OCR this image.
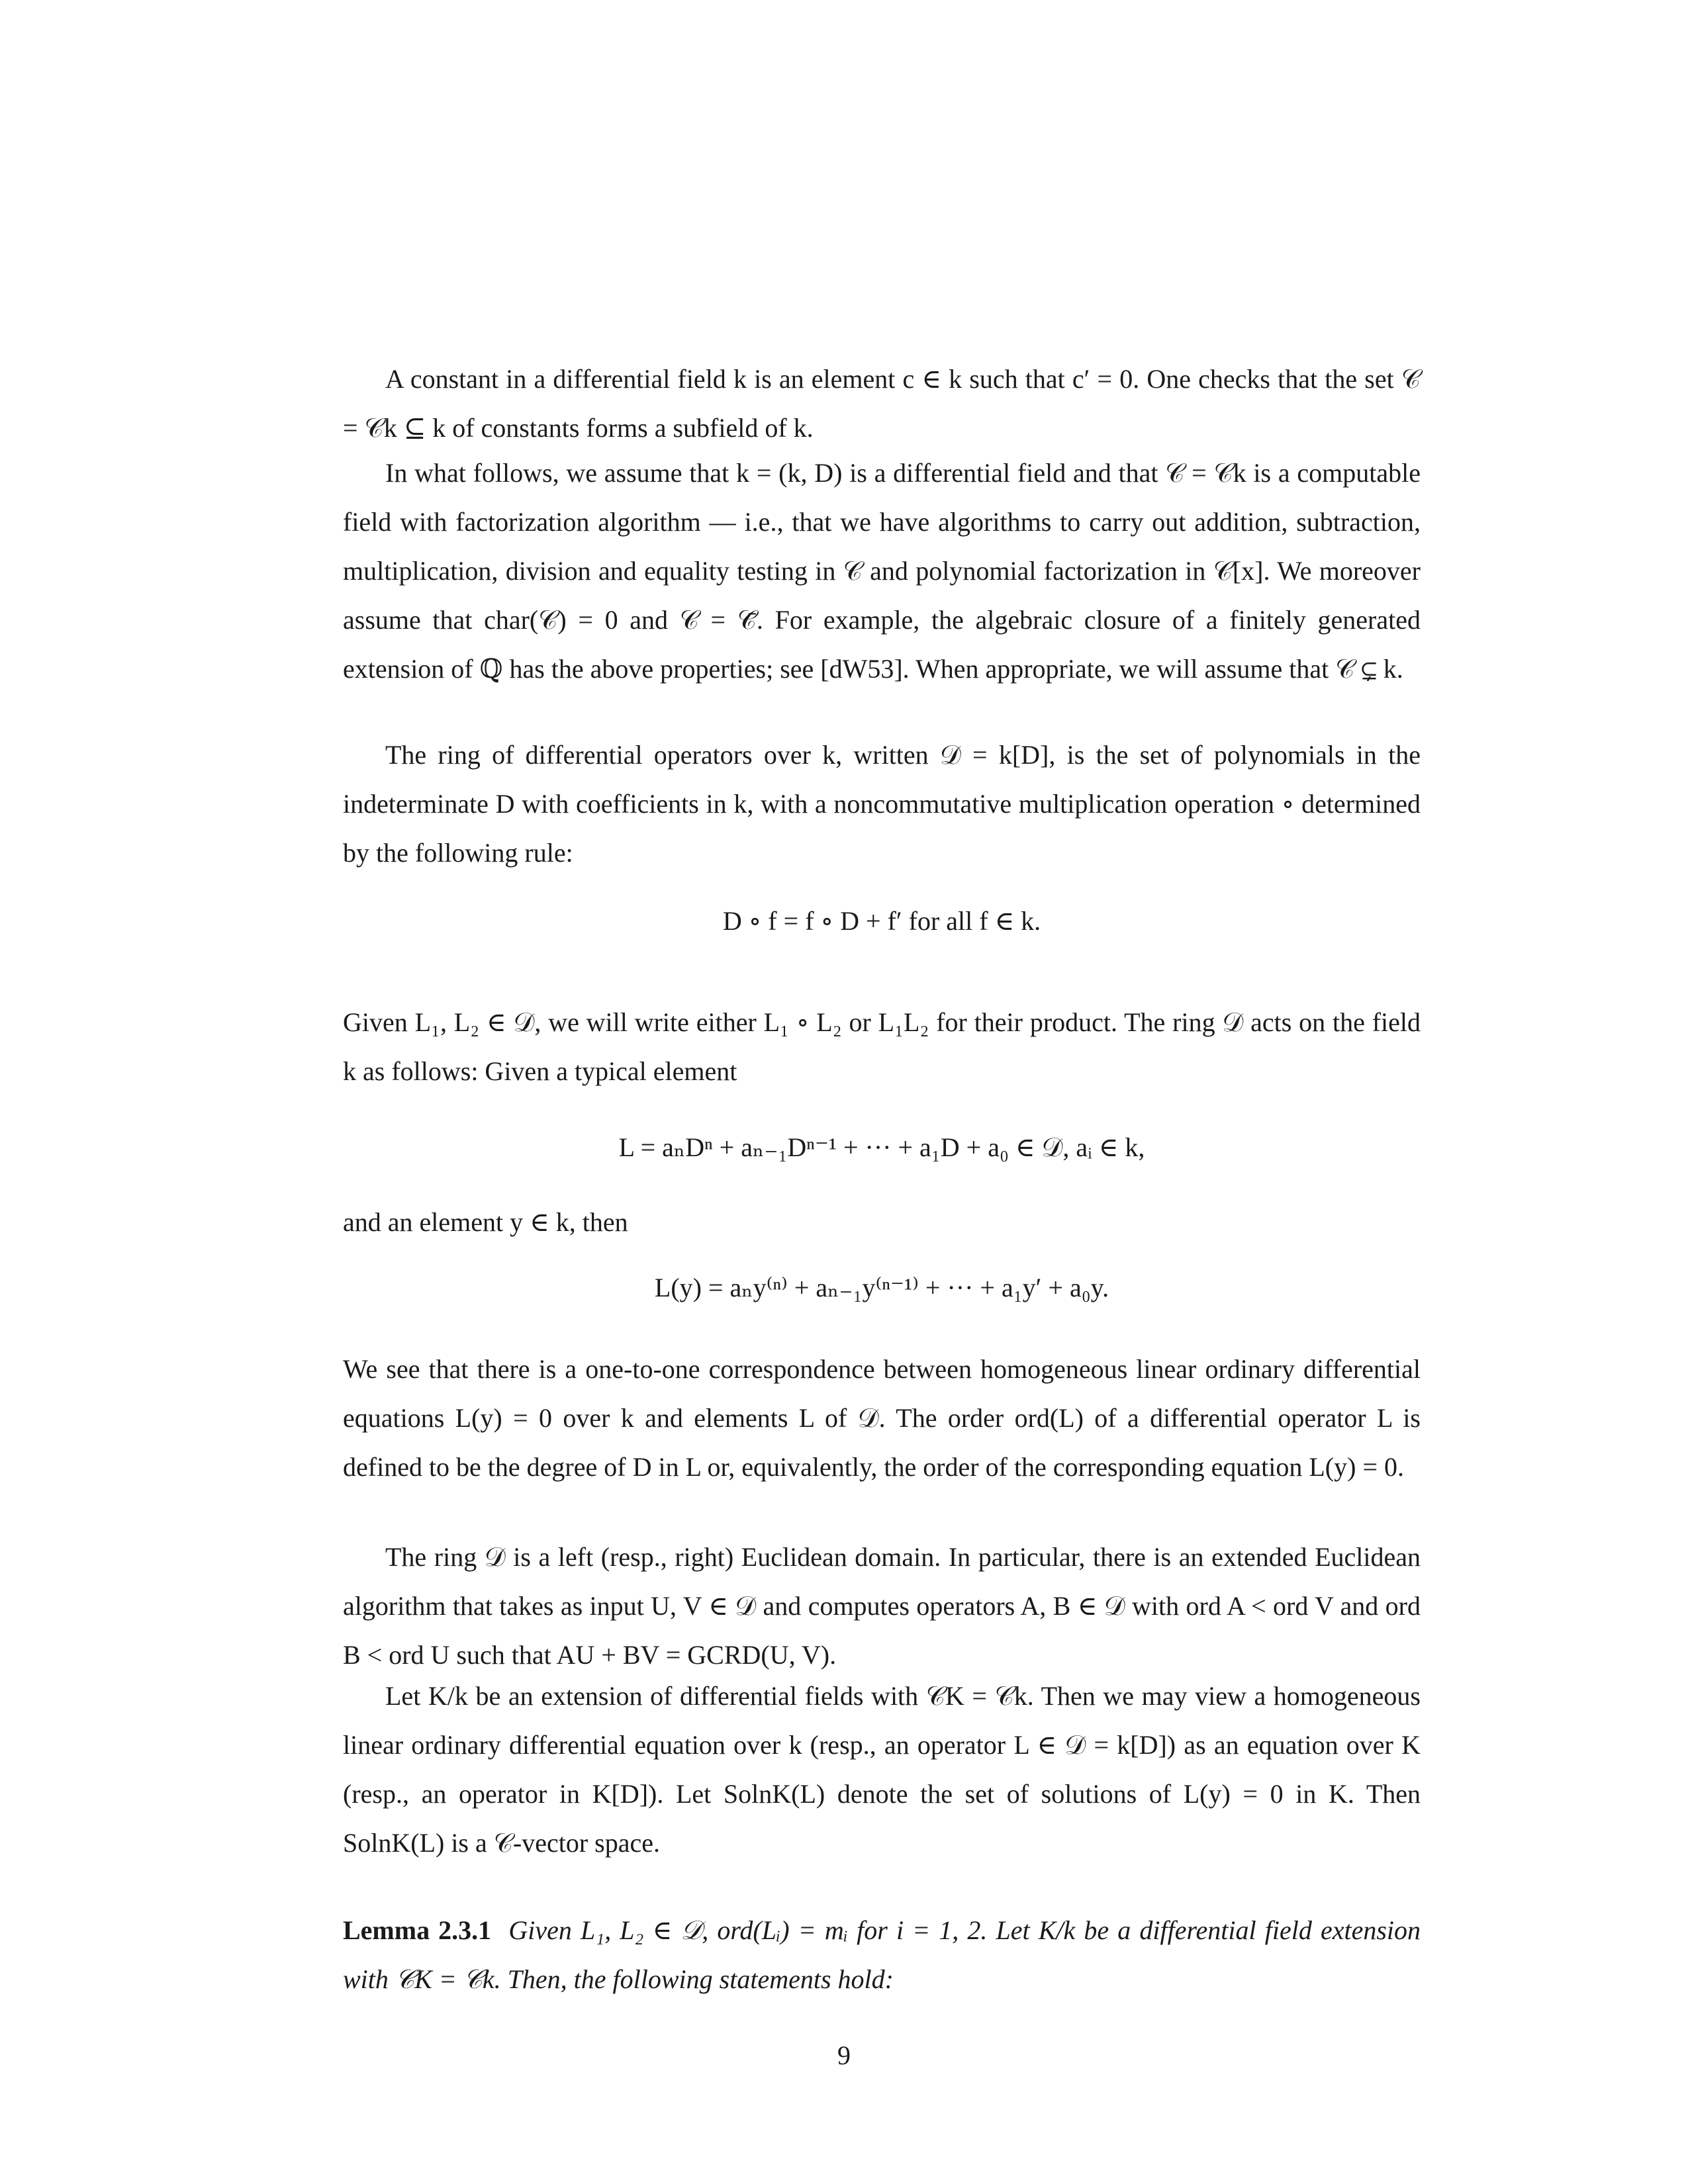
A constant in a differential field k is an element c ∈ k such that c′ = 0. One checks that the set 𝒞 = 𝒞k ⊆ k of constants forms a subfield of k.

In what follows, we assume that k = (k, D) is a differential field and that 𝒞 = 𝒞k is a computable field with factorization algorithm — i.e., that we have algorithms to carry out addition, subtraction, multiplication, division and equality testing in 𝒞 and polynomial factorization in 𝒞[x]. We moreover assume that char(𝒞) = 0 and 𝒞 = 𝒞̄. For example, the algebraic closure of a finitely generated extension of ℚ has the above properties; see [dW53]. When appropriate, we will assume that 𝒞 ⊊ k.

The ring of differential operators over k, written 𝒟 = k[D], is the set of polynomials in the indeterminate D with coefficients in k, with a noncommutative multiplication operation ∘ determined by the following rule:

D ∘ f = f ∘ D + f′ for all f ∈ k.

Given L₁, L₂ ∈ 𝒟, we will write either L₁ ∘ L₂ or L₁L₂ for their product. The ring 𝒟 acts on the field k as follows: Given a typical element

L = aₙDⁿ + aₙ₋₁Dⁿ⁻¹ + ··· + a₁D + a₀ ∈ 𝒟, aᵢ ∈ k,

and an element y ∈ k, then

L(y) = aₙy⁽ⁿ⁾ + aₙ₋₁y⁽ⁿ⁻¹⁾ + ··· + a₁y′ + a₀y.

We see that there is a one-to-one correspondence between homogeneous linear ordinary differential equations L(y) = 0 over k and elements L of 𝒟. The order ord(L) of a differential operator L is defined to be the degree of D in L or, equivalently, the order of the corresponding equation L(y) = 0.

The ring 𝒟 is a left (resp., right) Euclidean domain. In particular, there is an extended Euclidean algorithm that takes as input U, V ∈ 𝒟 and computes operators A, B ∈ 𝒟 with ord A < ord V and ord B < ord U such that AU + BV = GCRD(U, V).

Let K/k be an extension of differential fields with 𝒞K = 𝒞k. Then we may view a homogeneous linear ordinary differential equation over k (resp., an operator L ∈ 𝒟 = k[D]) as an equation over K (resp., an operator in K[D]). Let SolnK(L) denote the set of solutions of L(y) = 0 in K. Then SolnK(L) is a 𝒞-vector space.

Lemma 2.3.1 Given L₁, L₂ ∈ 𝒟, ord(Lᵢ) = mᵢ for i = 1, 2. Let K/k be a differential field extension with 𝒞K = 𝒞k. Then, the following statements hold:

9
